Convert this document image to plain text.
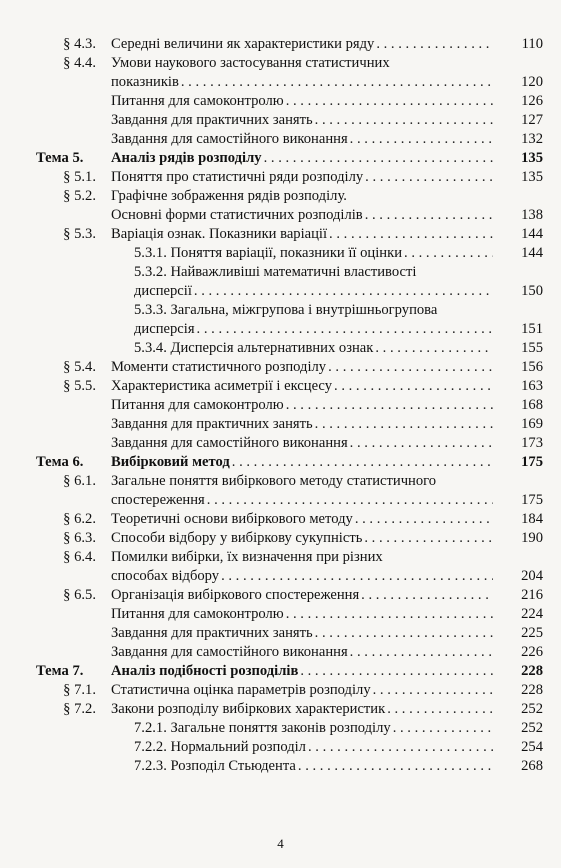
§ 4.3. Середні величини як характеристики ряду . . .	110
§ 4.4. Умови наукового застосування статистичних
показників . . .	120
Питання для самоконтролю . . .	126
Завдання для практичних занять . . .	127
Завдання для самостійного виконання . . .	132
Тема 5.	Аналіз рядів розподілу . . .	135
§ 5.1. Поняття про статистичні ряди розподілу . . .	135
§ 5.2. Графічне зображення рядів розподілу.
Основні форми статистичних розподілів . . .	138
§ 5.3. Варіація ознак. Показники варіації . . .	144
5.3.1. Поняття варіації, показники її оцінки . . .	144
5.3.2. Найважливіші математичні властивості
дисперсії . . .	150
5.3.3. Загальна, міжгрупова і внутрішньогрупова
дисперсія . . .	151
5.3.4. Дисперсія альтернативних ознак . . .	155
§ 5.4. Моменти статистичного розподілу . . .	156
§ 5.5. Характеристика асиметрії і ексцесу . . .	163
Питання для самоконтролю . . .	168
Завдання для практичних занять . . .	169
Завдання для самостійного виконання . . .	173
Тема 6.	Вибірковий метод . . .	175
§ 6.1. Загальне поняття вибіркового методу статистичного
спостереження . . .	175
§ 6.2. Теоретичні основи вибіркового методу . . .	184
§ 6.3. Способи відбору у вибіркову сукупність . . .	190
§ 6.4. Помилки вибірки, їх визначення при різних
способах відбору . . .	204
§ 6.5. Організація вибіркового спостереження . . .	216
Питання для самоконтролю . . .	224
Завдання для практичних занять . . .	225
Завдання для самостійного виконання . . .	226
Тема 7.	Аналіз подібності розподілів . . .	228
§ 7.1. Статистична оцінка параметрів розподілу . . .	228
§ 7.2. Закони розподілу вибіркових характеристик . . .	252
7.2.1. Загальне поняття законів розподілу . . .	252
7.2.2. Нормальний розподіл . . .	254
7.2.3. Розподіл Стьюдента . . .	268
4
